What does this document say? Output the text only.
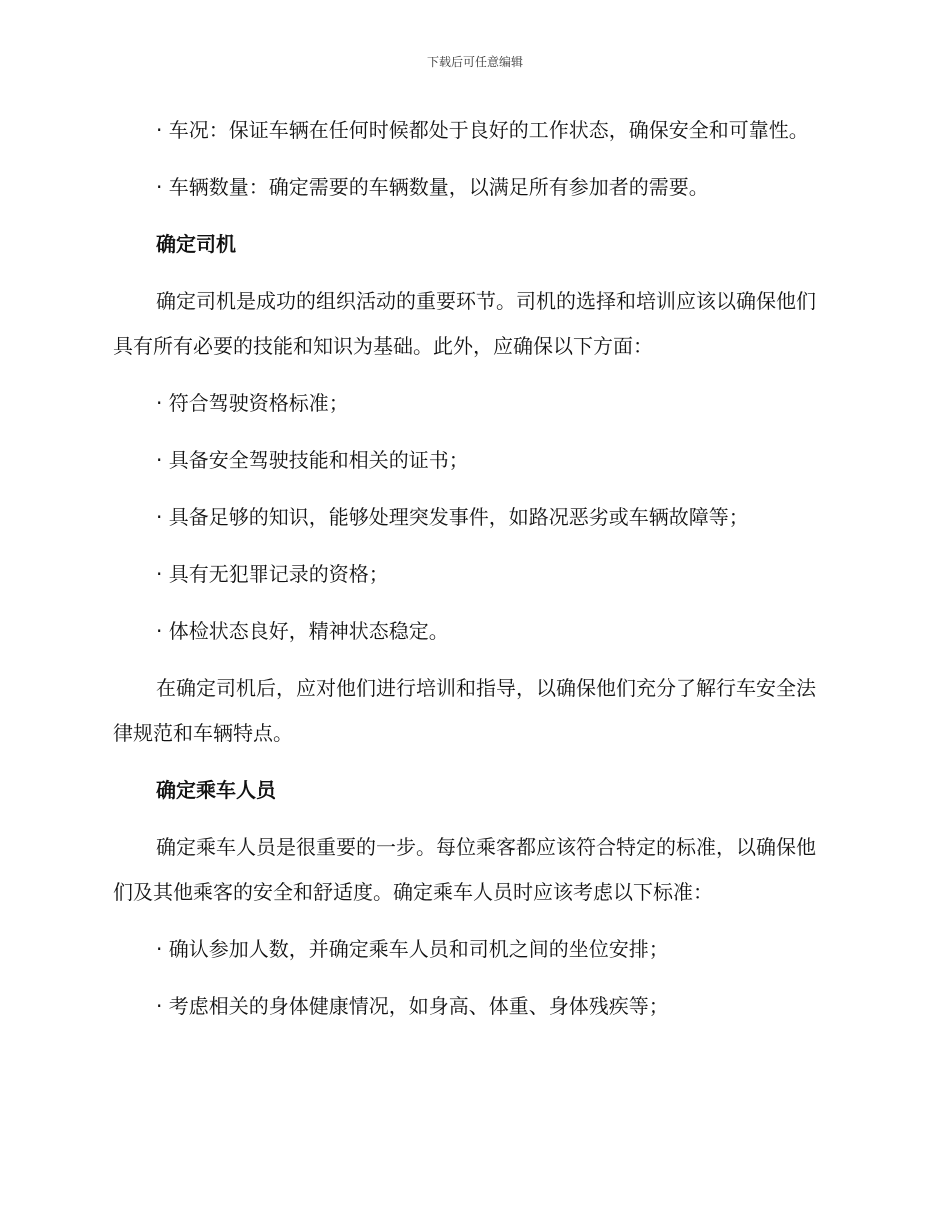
下载后可任意编辑

· 车况：保证车辆在任何时候都处于良好的工作状态，确保安全和可靠性。

· 车辆数量：确定需要的车辆数量，以满足所有参加者的需要。

确定司机

确定司机是成功的组织活动的重要环节。司机的选择和培训应该以确保他们具有所有必要的技能和知识为基础。此外，应确保以下方面：

· 符合驾驶资格标准；

· 具备安全驾驶技能和相关的证书；

· 具备足够的知识，能够处理突发事件，如路况恶劣或车辆故障等；

· 具有无犯罪记录的资格；

· 体检状态良好，精神状态稳定。

在确定司机后，应对他们进行培训和指导，以确保他们充分了解行车安全法律规范和车辆特点。

确定乘车人员

确定乘车人员是很重要的一步。每位乘客都应该符合特定的标准，以确保他们及其他乘客的安全和舒适度。确定乘车人员时应该考虑以下标准：

· 确认参加人数，并确定乘车人员和司机之间的坐位安排；

· 考虑相关的身体健康情况，如身高、体重、身体残疾等；
